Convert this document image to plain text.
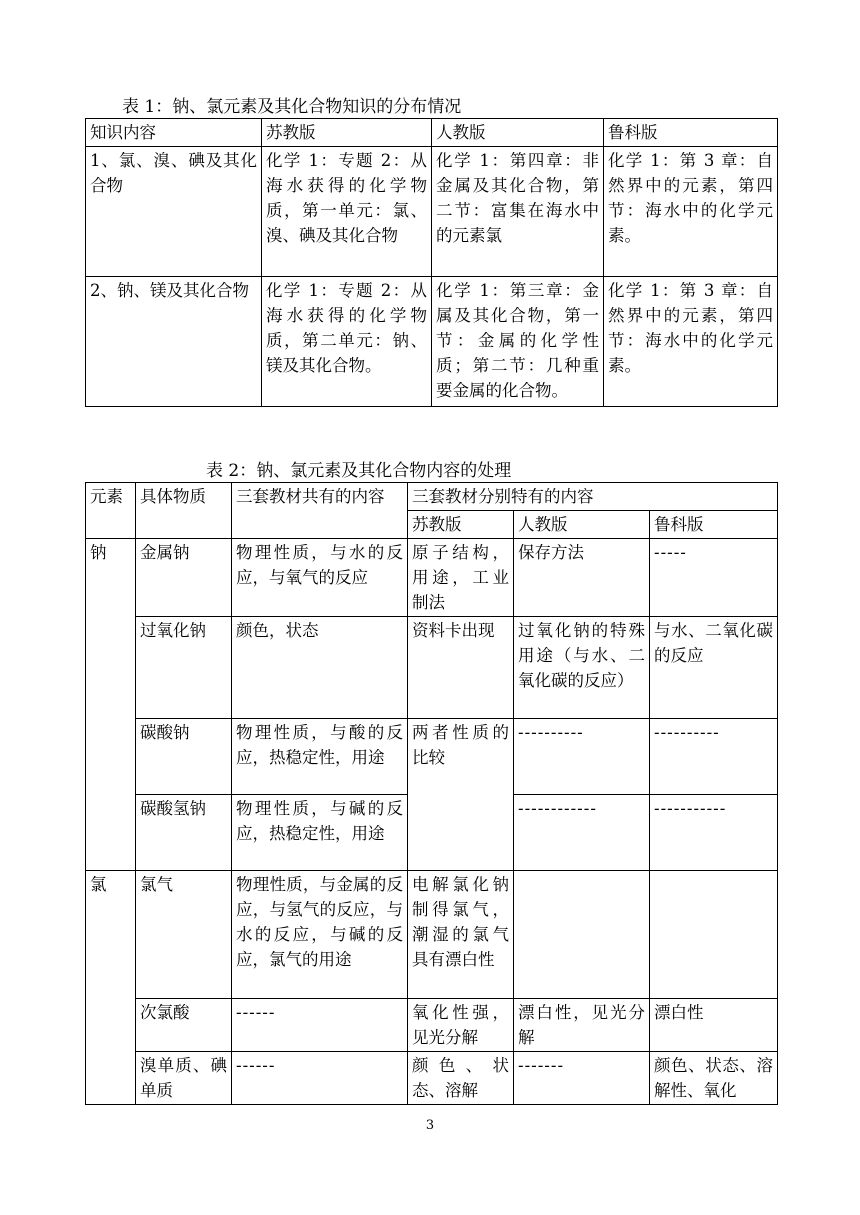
表 1：钠、氯元素及其化合物知识的分布情况
知识内容	苏教版	人教版	鲁科版
1、氯、溴、碘及其化合物	化学 1：专题 2：从海水获得的化学物质，第一单元：氯、溴、碘及其化合物	化学 1：第四章：非金属及其化合物，第二节：富集在海水中的元素氯	化学 1：第 3 章：自然界中的元素，第四节：海水中的化学元素。
2、钠、镁及其化合物	化学 1：专题 2：从海水获得的化学物质，第二单元：钠、镁及其化合物。	化学 1：第三章：金属及其化合物，第一节：金属的化学性质；第二节：几种重要金属的化合物。	化学 1：第 3 章：自然界中的元素，第四节：海水中的化学元素。
表 2：钠、氯元素及其化合物内容的处理
元素	具体物质	三套教材共有的内容	三套教材分别特有的内容		
			苏教版	人教版	鲁科版
钠	金属钠	物理性质，与水的反应，与氧气的反应	原子结构，用途，工业制法	保存方法	-----
	过氧化钠	颜色，状态	资料卡出现	过氧化钠的特殊用途（与水、二氧化碳的反应）	与水、二氧化碳的反应
	碳酸钠	物理性质，与酸的反应，热稳定性，用途	两者性质的比较	----------	----------
	碳酸氢钠	物理性质，与碱的反应，热稳定性，用途		------------	-----------
氯	氯气	物理性质，与金属的反应，与氢气的反应，与水的反应，与碱的反应，氯气的用途	电解氯化钠制得氯气，潮湿的氯气具有漂白性		
	次氯酸	------	氧化性强，见光分解	漂白性，见光分解	漂白性
	溴单质、碘单质	------	颜色、状态、溶解	-------	颜色、状态、溶解性、氧化
3
